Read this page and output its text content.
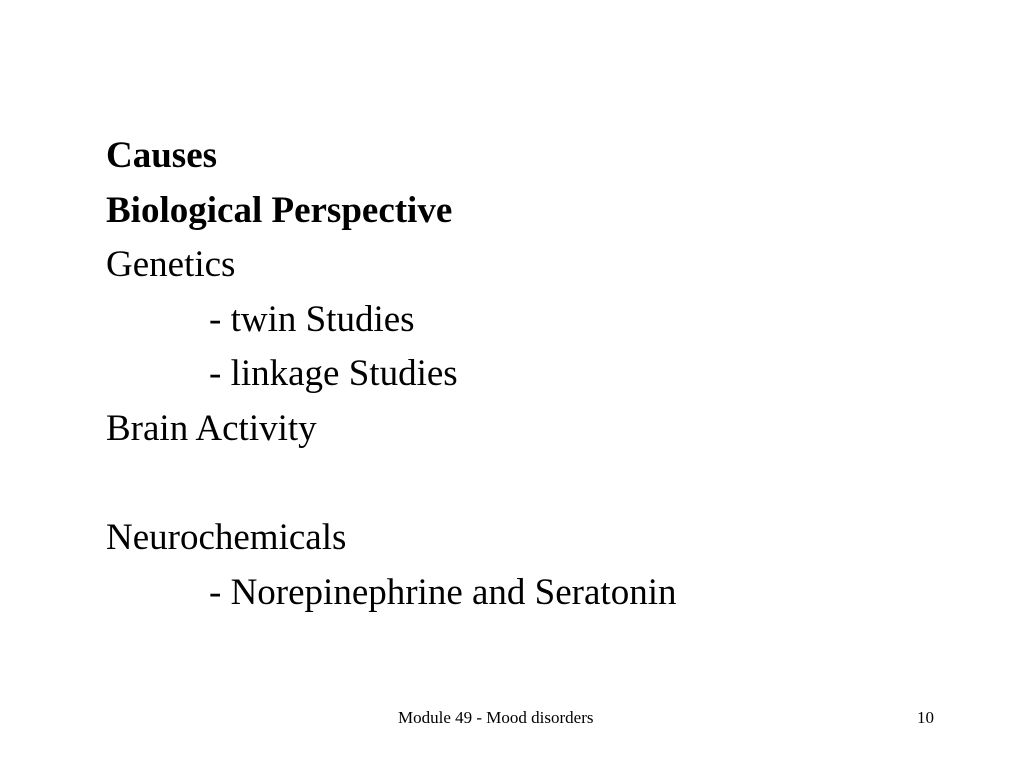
Causes
Biological Perspective
Genetics
- twin Studies
- linkage Studies
Brain Activity
Neurochemicals
- Norepinephrine and Seratonin
Module 49 - Mood disorders	10
